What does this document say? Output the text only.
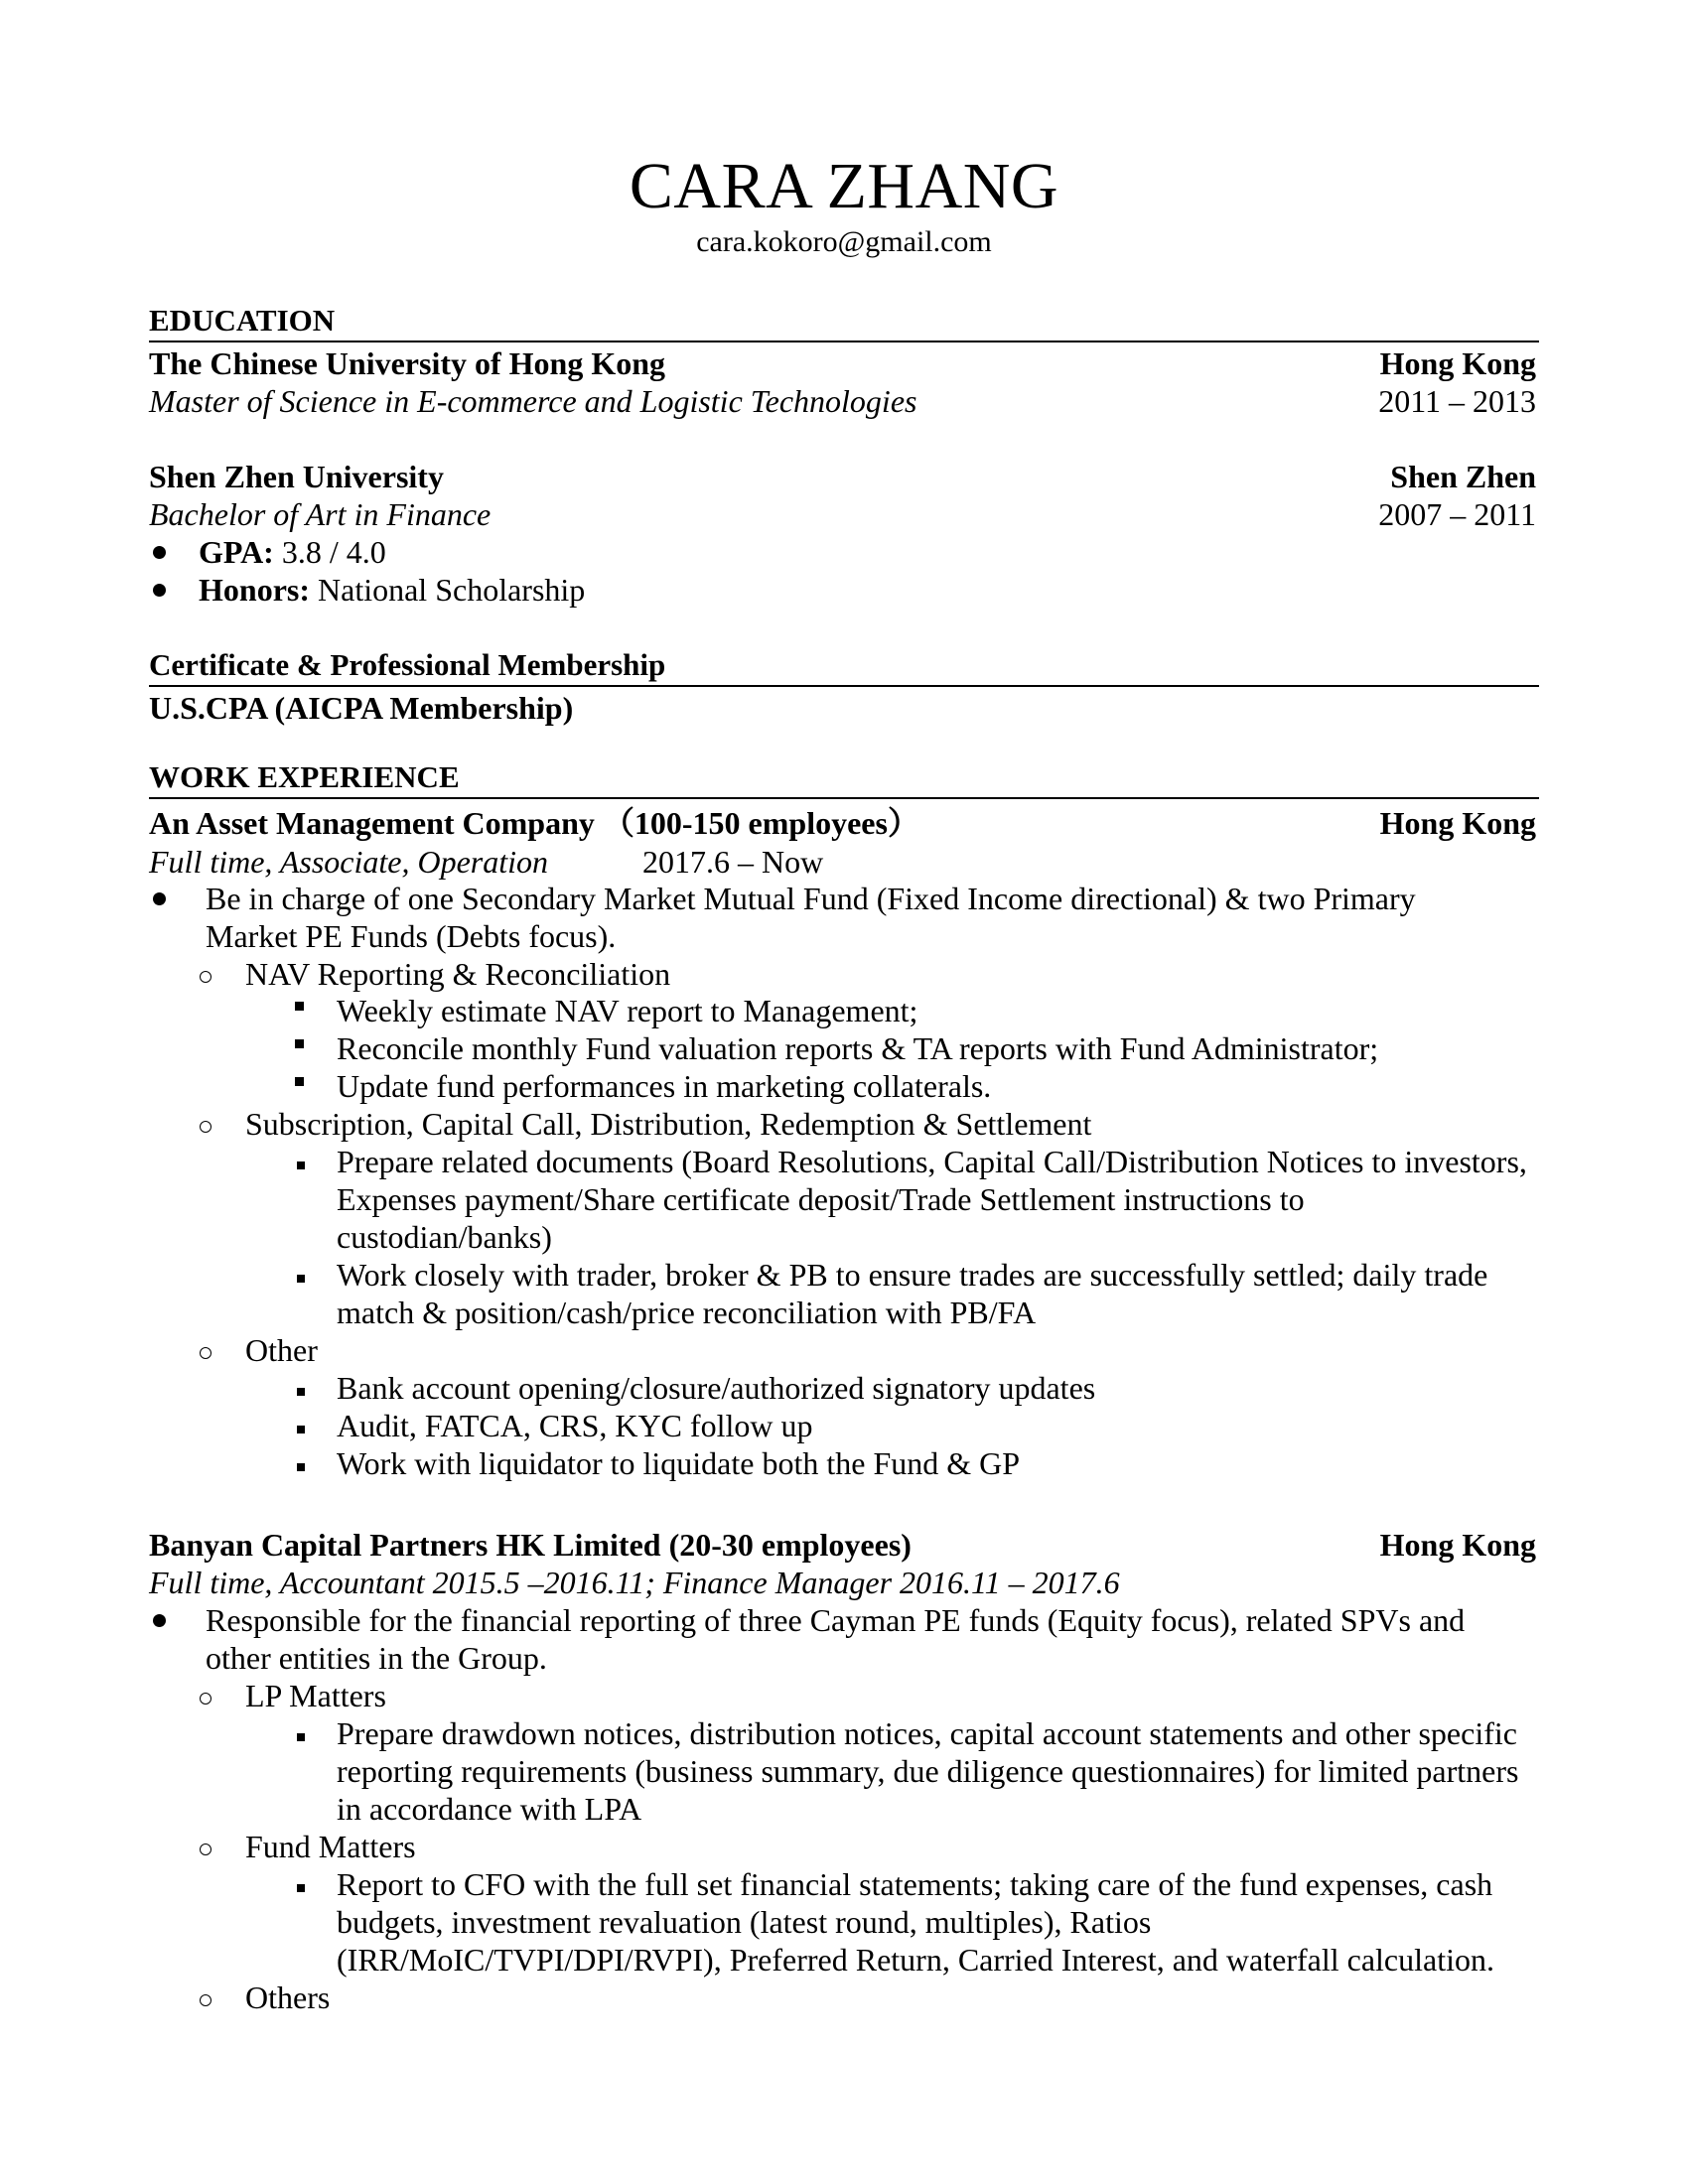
CARA ZHANG
cara.kokoro@gmail.com
EDUCATION
The Chinese University of Hong Kong	Hong Kong
Master of Science in E-commerce and Logistic Technologies	2011 – 2013
Shen Zhen University	Shen Zhen
Bachelor of Art in Finance	2007 – 2011
GPA: 3.8 / 4.0
Honors: National Scholarship
Certificate & Professional Membership
U.S.CPA (AICPA Membership)
WORK EXPERIENCE
An Asset Management Company （100-150 employees）	Hong Kong
Full time, Associate, Operation	2017.6 – Now
Be in charge of one Secondary Market Mutual Fund (Fixed Income directional) & two Primary
Market PE Funds (Debts focus).
NAV Reporting & Reconciliation
Weekly estimate NAV report to Management;
Reconcile monthly Fund valuation reports & TA reports with Fund Administrator;
Update fund performances in marketing collaterals.
Subscription, Capital Call, Distribution, Redemption & Settlement
Prepare related documents (Board Resolutions, Capital Call/Distribution Notices to investors,
Expenses payment/Share certificate deposit/Trade Settlement instructions to
custodian/banks)
Work closely with trader, broker & PB to ensure trades are successfully settled; daily trade
match & position/cash/price reconciliation with PB/FA
Other
Bank account opening/closure/authorized signatory updates
Audit, FATCA, CRS, KYC follow up
Work with liquidator to liquidate both the Fund & GP
Banyan Capital Partners HK Limited (20-30 employees)	Hong Kong
Full time, Accountant 2015.5 –2016.11; Finance Manager 2016.11 – 2017.6
Responsible for the financial reporting of three Cayman PE funds (Equity focus), related SPVs and
other entities in the Group.
LP Matters
Prepare drawdown notices, distribution notices, capital account statements and other specific
reporting requirements (business summary, due diligence questionnaires) for limited partners
in accordance with LPA
Fund Matters
Report to CFO with the full set financial statements; taking care of the fund expenses, cash
budgets, investment revaluation (latest round, multiples), Ratios
(IRR/MoIC/TVPI/DPI/RVPI), Preferred Return, Carried Interest, and waterfall calculation.
Others
